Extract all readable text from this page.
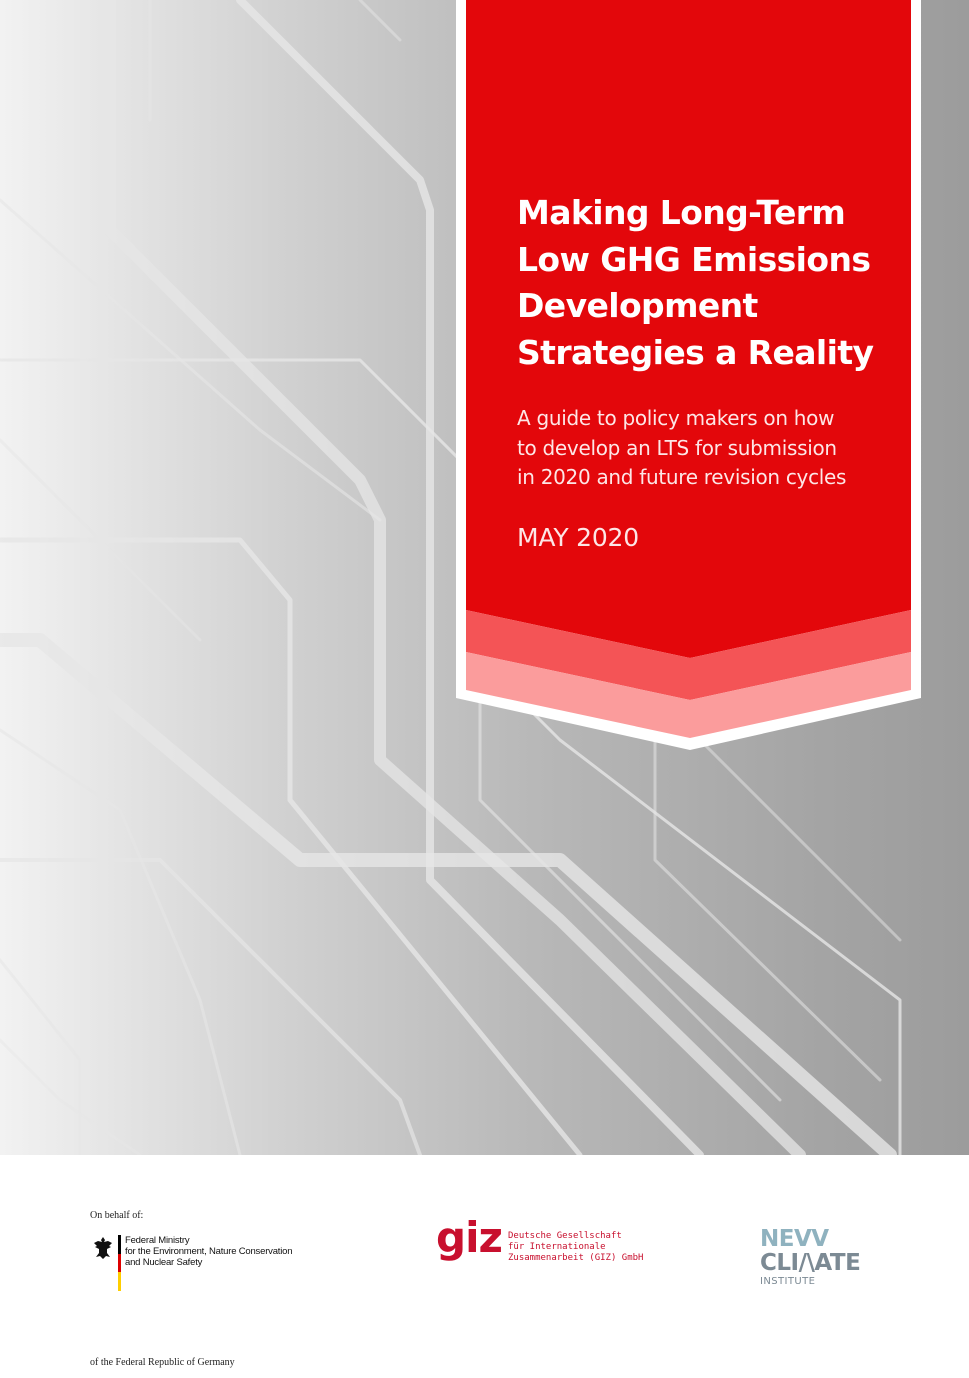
Making Long-Term
Low GHG Emissions
Development
Strategies a Reality
A guide to policy makers on how
to develop an LTS for submission
in 2020 and future revision cycles
MAY 2020
On behalf of:
Federal Ministry
for the Environment, Nature Conservation
and Nuclear Safety
of the Federal Republic of Germany
giz Deutsche Gesellschaft
für Internationale
Zusammenarbeit (GIZ) GmbH
NEVV
CLI/\ATE
INSTITUTE
